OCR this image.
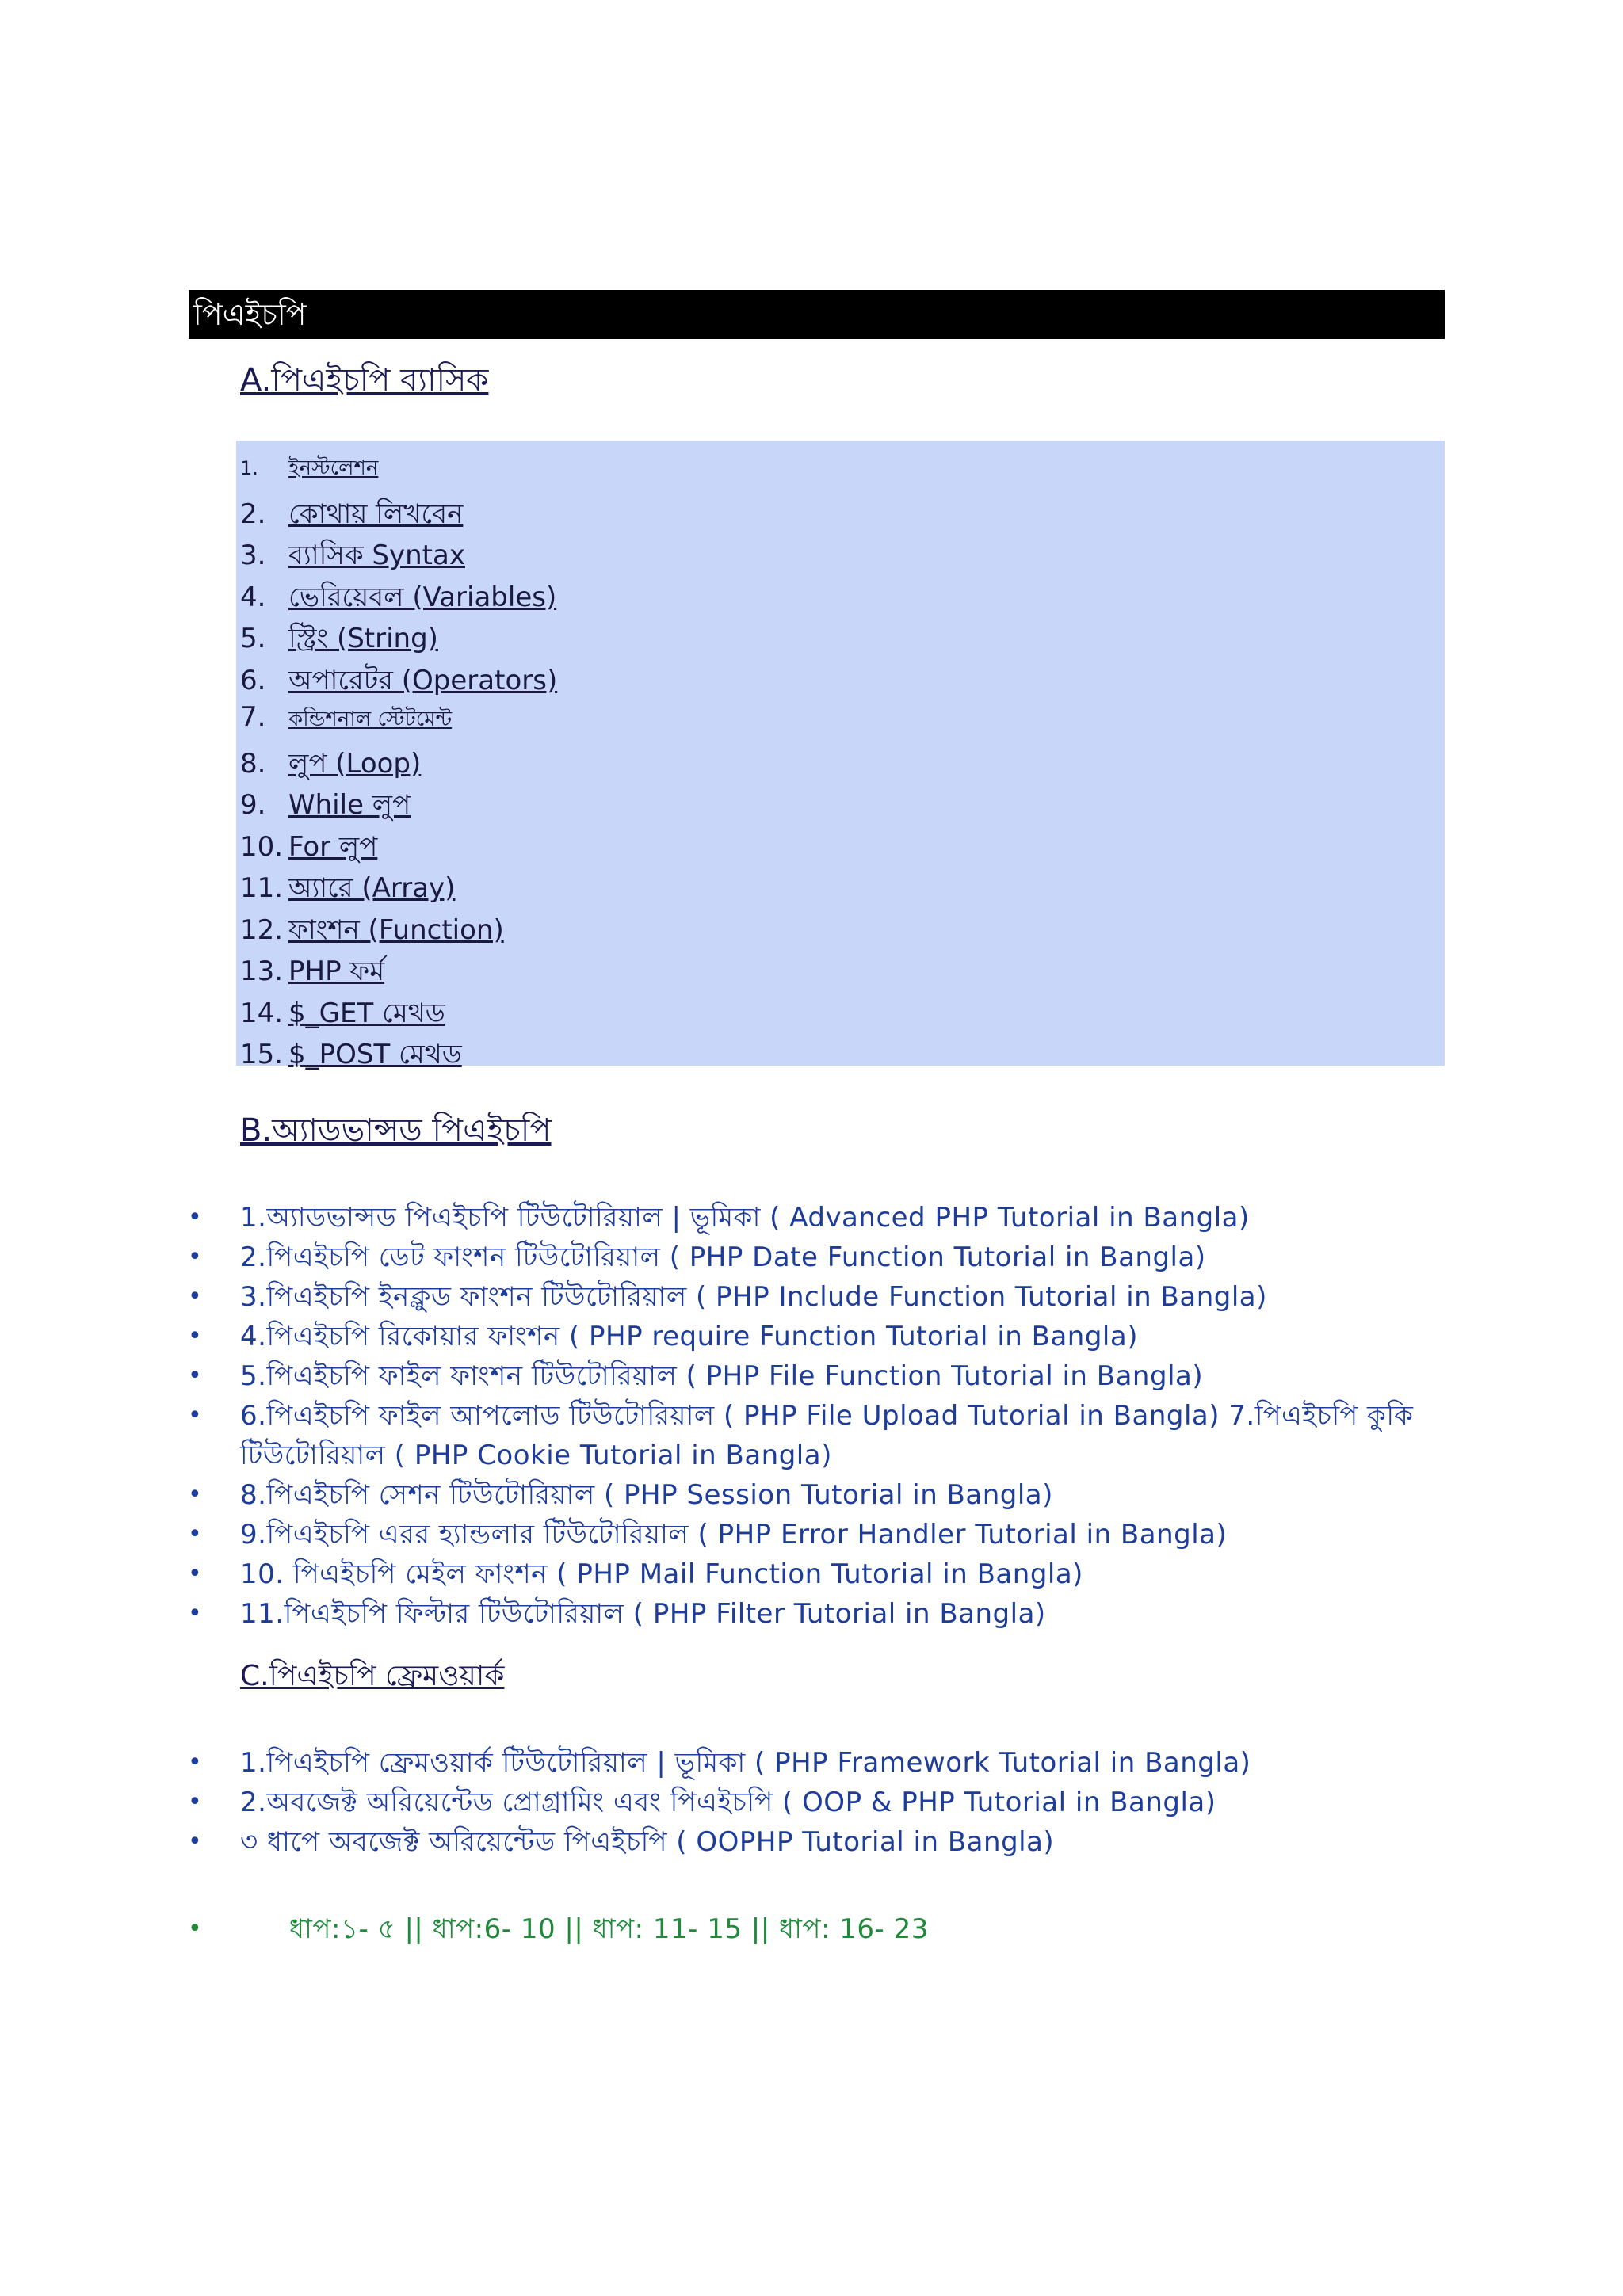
পিএইচপি
A.পিএইচপি ব্যাসিক
1. ইনস্টলেশন
2. কোথায় লিখবেন
3. ব্যাসিক Syntax
4. ভেরিয়েবল (Variables)
5. স্ট্রিং (String)
6. অপারেটর (Operators)
7. কন্ডিশনাল স্টেটমেন্ট
8. লুপ (Loop)
9. While লুপ
10. For লুপ
11. অ্যারে (Array)
12. ফাংশন (Function)
13. PHP ফর্ম
14. $_GET মেথড
15. $_POST মেথড
B.অ্যাডভান্সড পিএইচপি
• 1.অ্যাডভান্সড পিএইচপি টিউটোরিয়াল | ভূমিকা ( Advanced PHP Tutorial in Bangla)
• 2.পিএইচপি ডেট ফাংশন টিউটোরিয়াল ( PHP Date Function Tutorial in Bangla)
• 3.পিএইচপি ইনক্লুড ফাংশন টিউটোরিয়াল ( PHP Include Function Tutorial in Bangla)
• 4.পিএইচপি রিকোয়ার ফাংশন ( PHP require Function Tutorial in Bangla)
• 5.পিএইচপি ফাইল ফাংশন টিউটোরিয়াল ( PHP File Function Tutorial in Bangla)
• 6.পিএইচপি ফাইল আপলোড টিউটোরিয়াল ( PHP File Upload Tutorial in Bangla) 7.পিএইচপি কুকি টিউটোরিয়াল ( PHP Cookie Tutorial in Bangla)
• 8.পিএইচপি সেশন টিউটোরিয়াল ( PHP Session Tutorial in Bangla)
• 9.পিএইচপি এরর হ্যান্ডলার টিউটোরিয়াল ( PHP Error Handler Tutorial in Bangla)
• 10. পিএইচপি মেইল ফাংশন ( PHP Mail Function Tutorial in Bangla)
• 11.পিএইচপি ফিল্টার টিউটোরিয়াল ( PHP Filter Tutorial in Bangla)
C.পিএইচপি ফ্রেমওয়ার্ক
• 1.পিএইচপি ফ্রেমওয়ার্ক টিউটোরিয়াল | ভূমিকা ( PHP Framework Tutorial in Bangla)
• 2.অবজেক্ট অরিয়েন্টেড প্রোগ্রামিং এবং পিএইচপি ( OOP & PHP Tutorial in Bangla)
• ৩ ধাপে অবজেক্ট অরিয়েন্টেড পিএইচপি ( OOPHP Tutorial in Bangla)
• ধাপ:১- ৫ || ধাপ:6- 10 || ধাপ: 11- 15 || ধাপ: 16- 23
